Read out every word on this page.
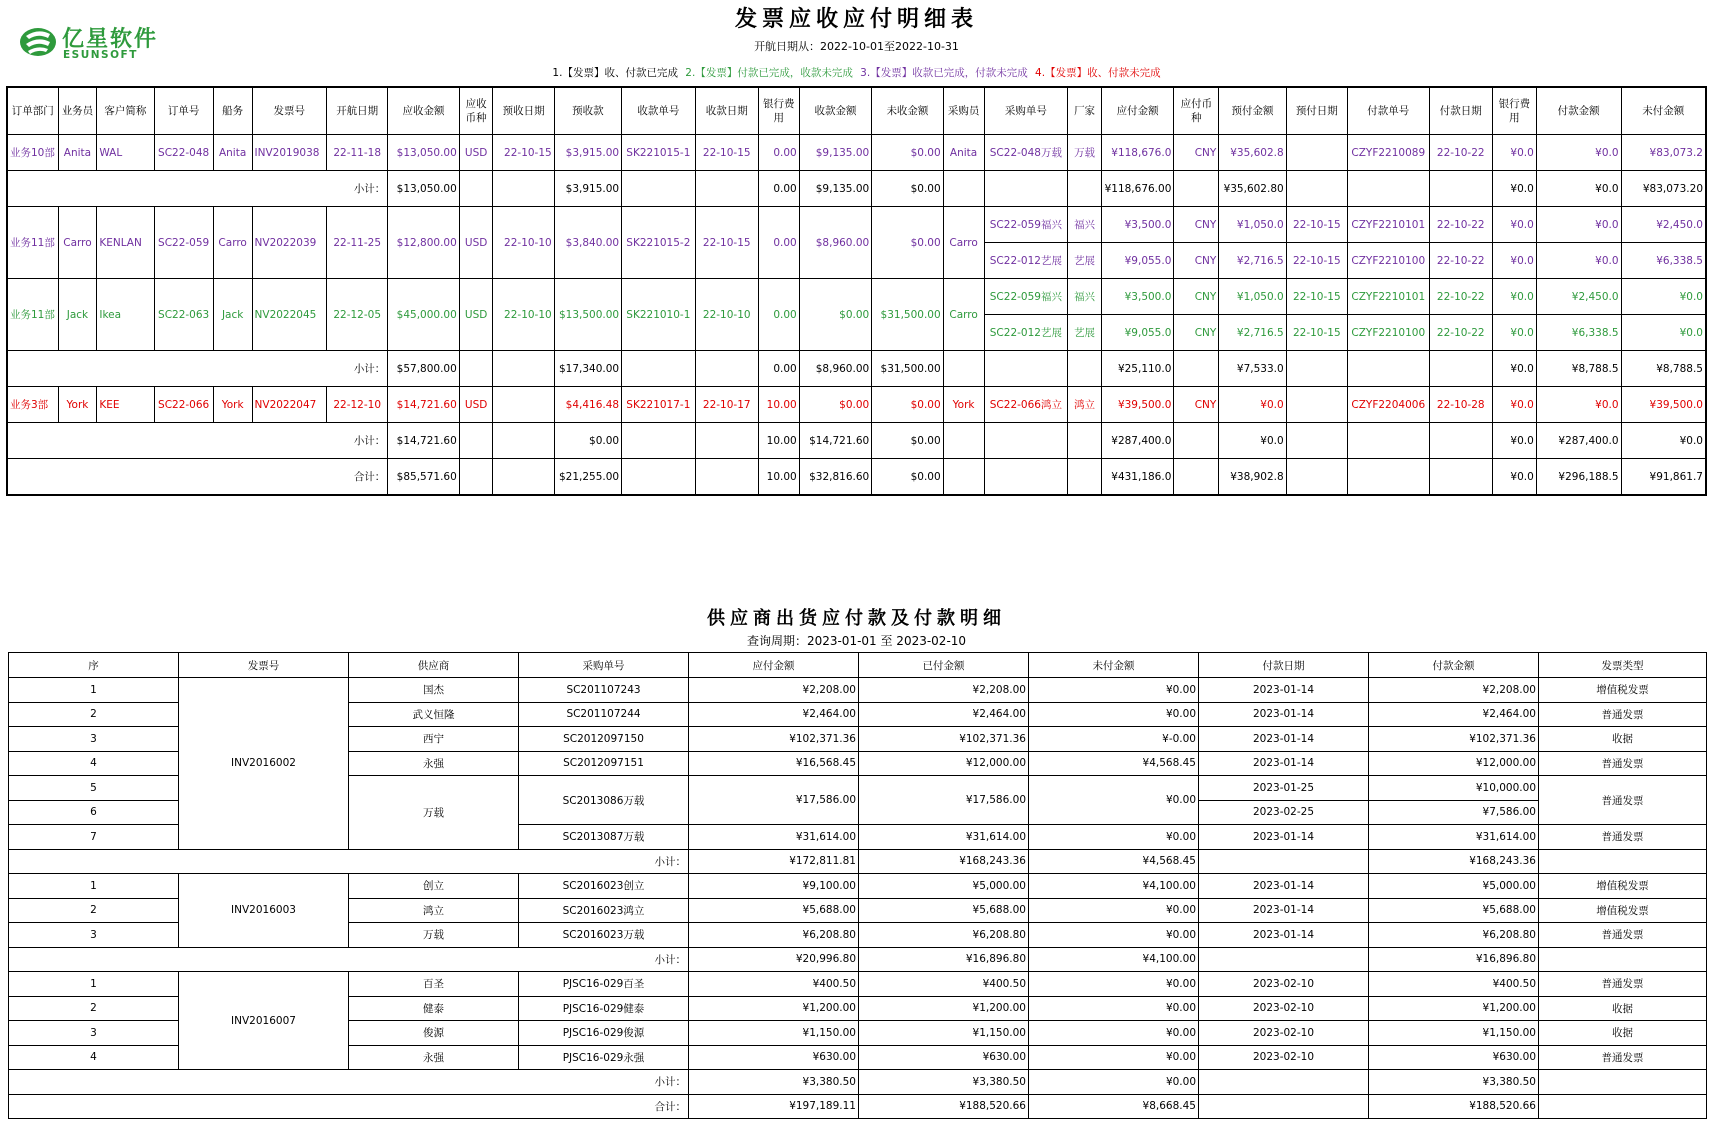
亿星软件
ESUNSOFT
发票应收应付明细表
开航日期从：2022-10-01至2022-10-31
1.【发票】收、付款已完成 2.【发票】付款已完成，收款未完成 3.【发票】收款已完成，付款未完成 4.【发票】收、付款未完成
订单部门	业务员	客户简称	订单号	船务	发票号	开航日期	应收金额	应收币种	预收日期	预收款	收款单号	收款日期	银行费用	收款金额	未收金额	采购员	采购单号	厂家	应付金额	应付币种	预付金额	预付日期	付款单号	付款日期	银行费用	付款金额	未付金额
业务10部	Anita	WAL	SC22-048	Anita	INV2019038	22-11-18	$13,050.00	USD	22-10-15	$3,915.00	SK221015-1	22-10-15	0.00	$9,135.00	$0.00	Anita	SC22-048万载	万载	¥118,676.0	CNY	¥35,602.8		CZYF2210089	22-10-22	¥0.0	¥0.0	¥83,073.2
小计：							$13,050.00			$3,915.00			0.00	$9,135.00	$0.00				¥118,676.00		¥35,602.80				¥0.0	¥0.0	¥83,073.20
业务11部	Carro	KENLAN	SC22-059	Carro	NV2022039	22-11-25	$12,800.00	USD	22-10-10	$3,840.00	SK221015-2	22-10-15	0.00	$8,960.00	$0.00	Carro	SC22-059福兴	福兴	¥3,500.0	CNY	¥1,050.0	22-10-15	CZYF2210101	22-10-22	¥0.0	¥0.0	¥2,450.0
																	SC22-012艺展	艺展	¥9,055.0	CNY	¥2,716.5	22-10-15	CZYF2210100	22-10-22	¥0.0	¥0.0	¥6,338.5
业务11部	Jack	Ikea	SC22-063	Jack	NV2022045	22-12-05	$45,000.00	USD	22-10-10	$13,500.00	SK221010-1	22-10-10	0.00	$0.00	$31,500.00	Carro	SC22-059福兴	福兴	¥3,500.0	CNY	¥1,050.0	22-10-15	CZYF2210101	22-10-22	¥0.0	¥2,450.0	¥0.0
																	SC22-012艺展	艺展	¥9,055.0	CNY	¥2,716.5	22-10-15	CZYF2210100	22-10-22	¥0.0	¥6,338.5	¥0.0
小计：							$57,800.00			$17,340.00			0.00	$8,960.00	$31,500.00				¥25,110.0		¥7,533.0				¥0.0	¥8,788.5	¥8,788.5
业务3部	York	KEE	SC22-066	York	NV2022047	22-12-10	$14,721.60	USD		$4,416.48	SK221017-1	22-10-17	10.00	$0.00	$0.00	York	SC22-066鸿立	鸿立	¥39,500.0	CNY	¥0.0		CZYF2204006	22-10-28	¥0.0	¥0.0	¥39,500.0
小计：							$14,721.60			$0.00			10.00	$14,721.60	$0.00				¥287,400.0		¥0.0				¥0.0	¥287,400.0	¥0.0
合计：							$85,571.60			$21,255.00			10.00	$32,816.60	$0.00				¥431,186.0		¥38,902.8				¥0.0	¥296,188.5	¥91,861.7
供应商出货应付款及付款明细
查询周期：2023-01-01 至 2023-02-10
序	发票号	供应商	采购单号	应付金额	已付金额	未付金额	付款日期	付款金额	发票类型
1	INV2016002	国杰	SC201107243	¥2,208.00	¥2,208.00	¥0.00	2023-01-14	¥2,208.00	增值税发票
2		武义恒隆	SC201107244	¥2,464.00	¥2,464.00	¥0.00	2023-01-14	¥2,464.00	普通发票
3		西宁	SC2012097150	¥102,371.36	¥102,371.36	¥-0.00	2023-01-14	¥102,371.36	收据
4		永强	SC2012097151	¥16,568.45	¥12,000.00	¥4,568.45	2023-01-14	¥12,000.00	普通发票
5		万载	SC2013086万载	¥17,586.00	¥17,586.00	¥0.00	2023-01-25	¥10,000.00	普通发票
6							2023-02-25	¥7,586.00	
7			SC2013087万载	¥31,614.00	¥31,614.00	¥0.00	2023-01-14	¥31,614.00	普通发票
小计：				¥172,811.81	¥168,243.36	¥4,568.45		¥168,243.36	
1	INV2016003	创立	SC2016023创立	¥9,100.00	¥5,000.00	¥4,100.00	2023-01-14	¥5,000.00	增值税发票
2		鸿立	SC2016023鸿立	¥5,688.00	¥5,688.00	¥0.00	2023-01-14	¥5,688.00	增值税发票
3		万载	SC2016023万载	¥6,208.80	¥6,208.80	¥0.00	2023-01-14	¥6,208.80	普通发票
小计：				¥20,996.80	¥16,896.80	¥4,100.00		¥16,896.80	
1	INV2016007	百圣	PJSC16-029百圣	¥400.50	¥400.50	¥0.00	2023-02-10	¥400.50	普通发票
2		健泰	PJSC16-029健泰	¥1,200.00	¥1,200.00	¥0.00	2023-02-10	¥1,200.00	收据
3		俊源	PJSC16-029俊源	¥1,150.00	¥1,150.00	¥0.00	2023-02-10	¥1,150.00	收据
4		永强	PJSC16-029永强	¥630.00	¥630.00	¥0.00	2023-02-10	¥630.00	普通发票
小计：				¥3,380.50	¥3,380.50	¥0.00		¥3,380.50	
合计：				¥197,189.11	¥188,520.66	¥8,668.45		¥188,520.66	
